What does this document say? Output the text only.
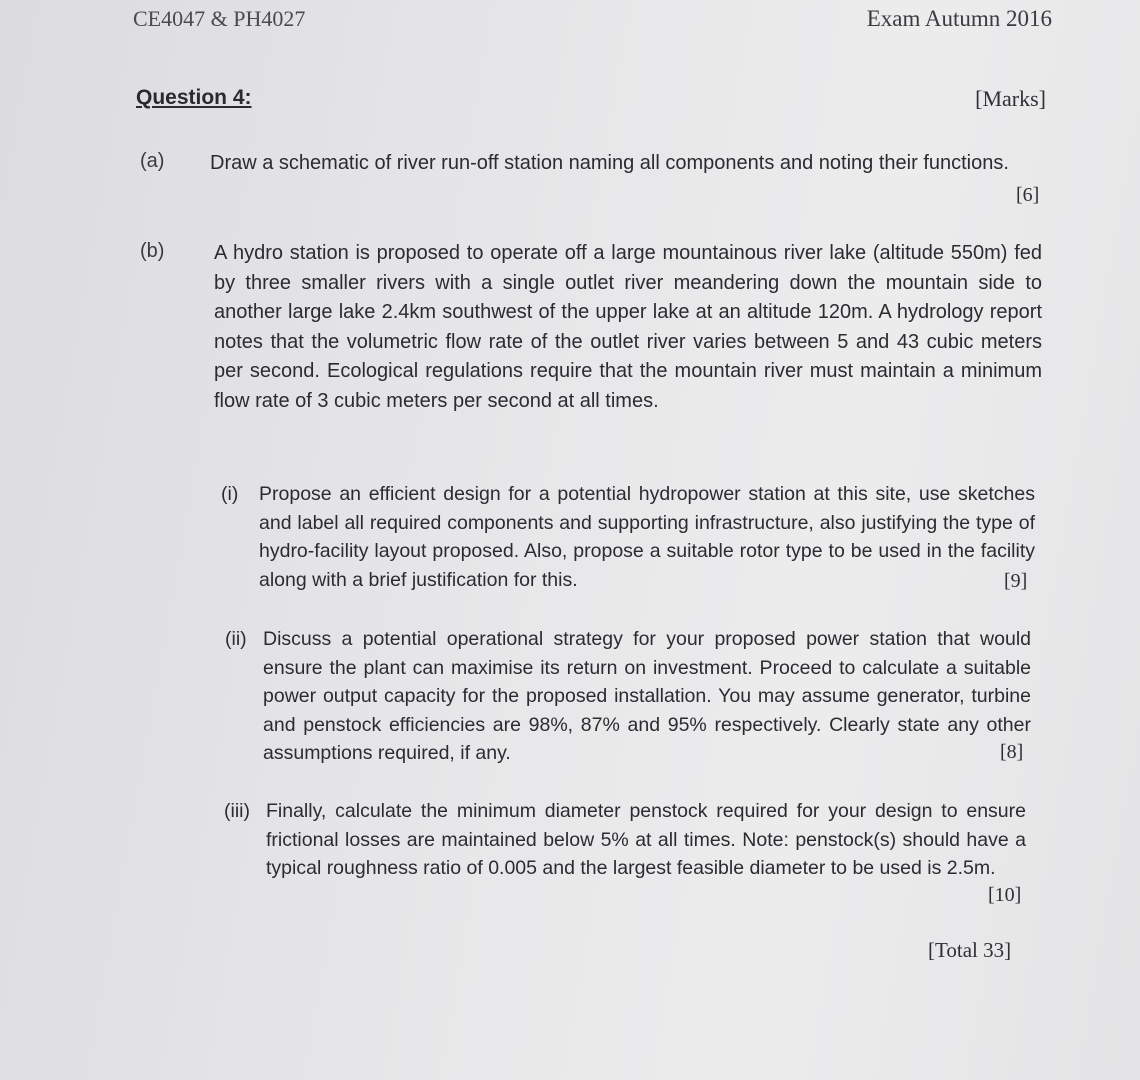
CE4047 & PH4027	Exam Autumn 2016
Question 4:	[Marks]
(a) Draw a schematic of river run-off station naming all components and noting their functions.
[6]
(b) A hydro station is proposed to operate off a large mountainous river lake (altitude 550m) fed by three smaller rivers with a single outlet river meandering down the mountain side to another large lake 2.4km southwest of the upper lake at an altitude 120m. A hydrology report notes that the volumetric flow rate of the outlet river varies between 5 and 43 cubic meters per second. Ecological regulations require that the mountain river must maintain a minimum flow rate of 3 cubic meters per second at all times.
(i) Propose an efficient design for a potential hydropower station at this site, use sketches and label all required components and supporting infrastructure, also justifying the type of hydro-facility layout proposed. Also, propose a suitable rotor type to be used in the facility along with a brief justification for this.	[9]
(ii) Discuss a potential operational strategy for your proposed power station that would ensure the plant can maximise its return on investment. Proceed to calculate a suitable power output capacity for the proposed installation. You may assume generator, turbine and penstock efficiencies are 98%, 87% and 95% respectively. Clearly state any other assumptions required, if any.	[8]
(iii) Finally, calculate the minimum diameter penstock required for your design to ensure frictional losses are maintained below 5% at all times. Note: penstock(s) should have a typical roughness ratio of 0.005 and the largest feasible diameter to be used is 2.5m.
[10]
[Total 33]
